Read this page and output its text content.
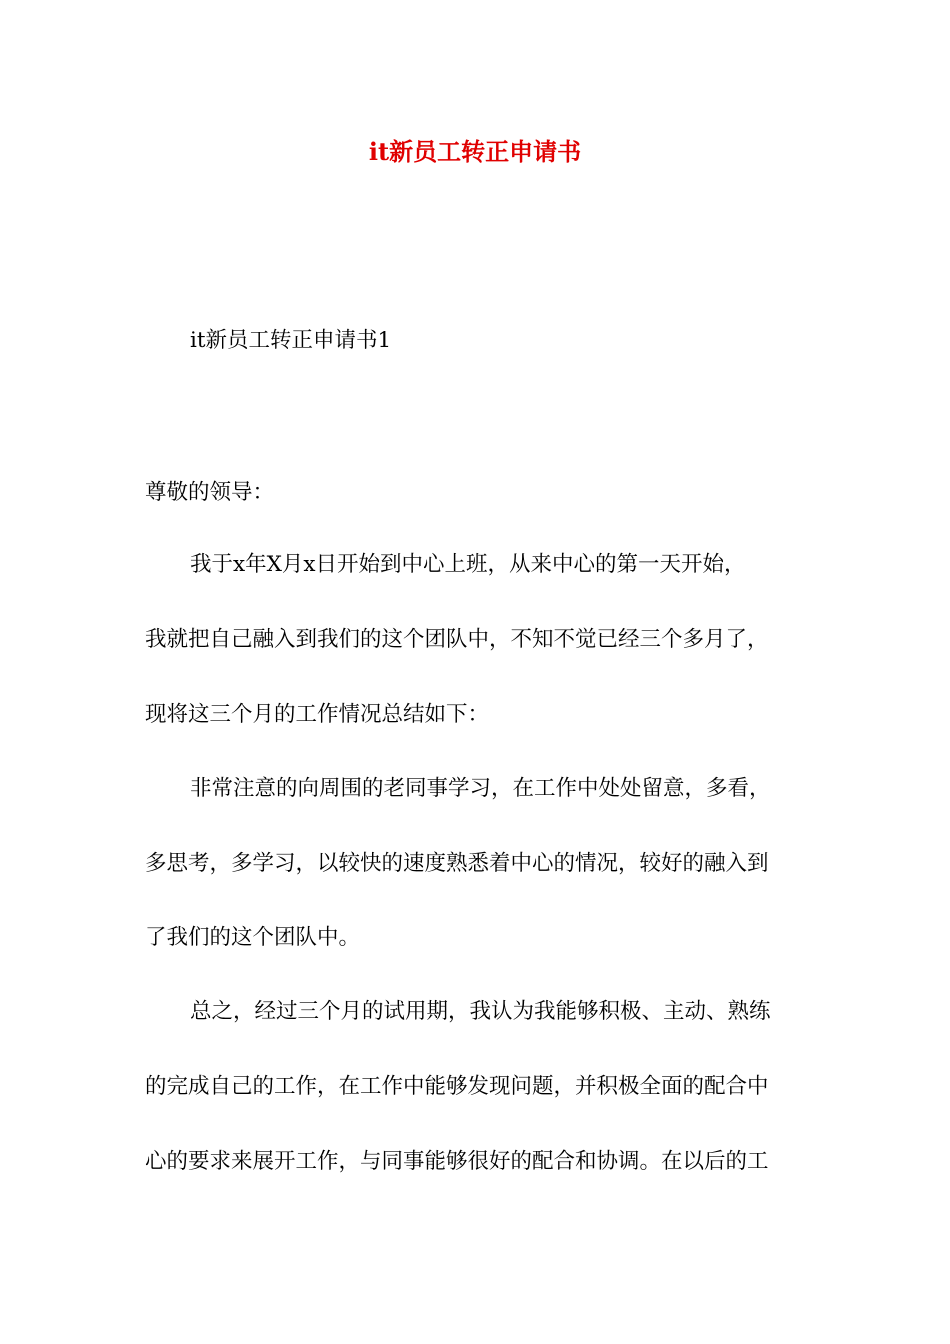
it新员工转正申请书
it新员工转正申请书1
尊敬的领导：
我于x年X月x日开始到中心上班，从来中心的第一天开始，
我就把自己融入到我们的这个团队中，不知不觉已经三个多月了，
现将这三个月的工作情况总结如下：
非常注意的向周围的老同事学习，在工作中处处留意，多看，
多思考，多学习，以较快的速度熟悉着中心的情况，较好的融入到
了我们的这个团队中。
总之，经过三个月的试用期，我认为我能够积极、主动、熟练
的完成自己的工作，在工作中能够发现问题，并积极全面的配合中
心的要求来展开工作，与同事能够很好的配合和协调。在以后的工
